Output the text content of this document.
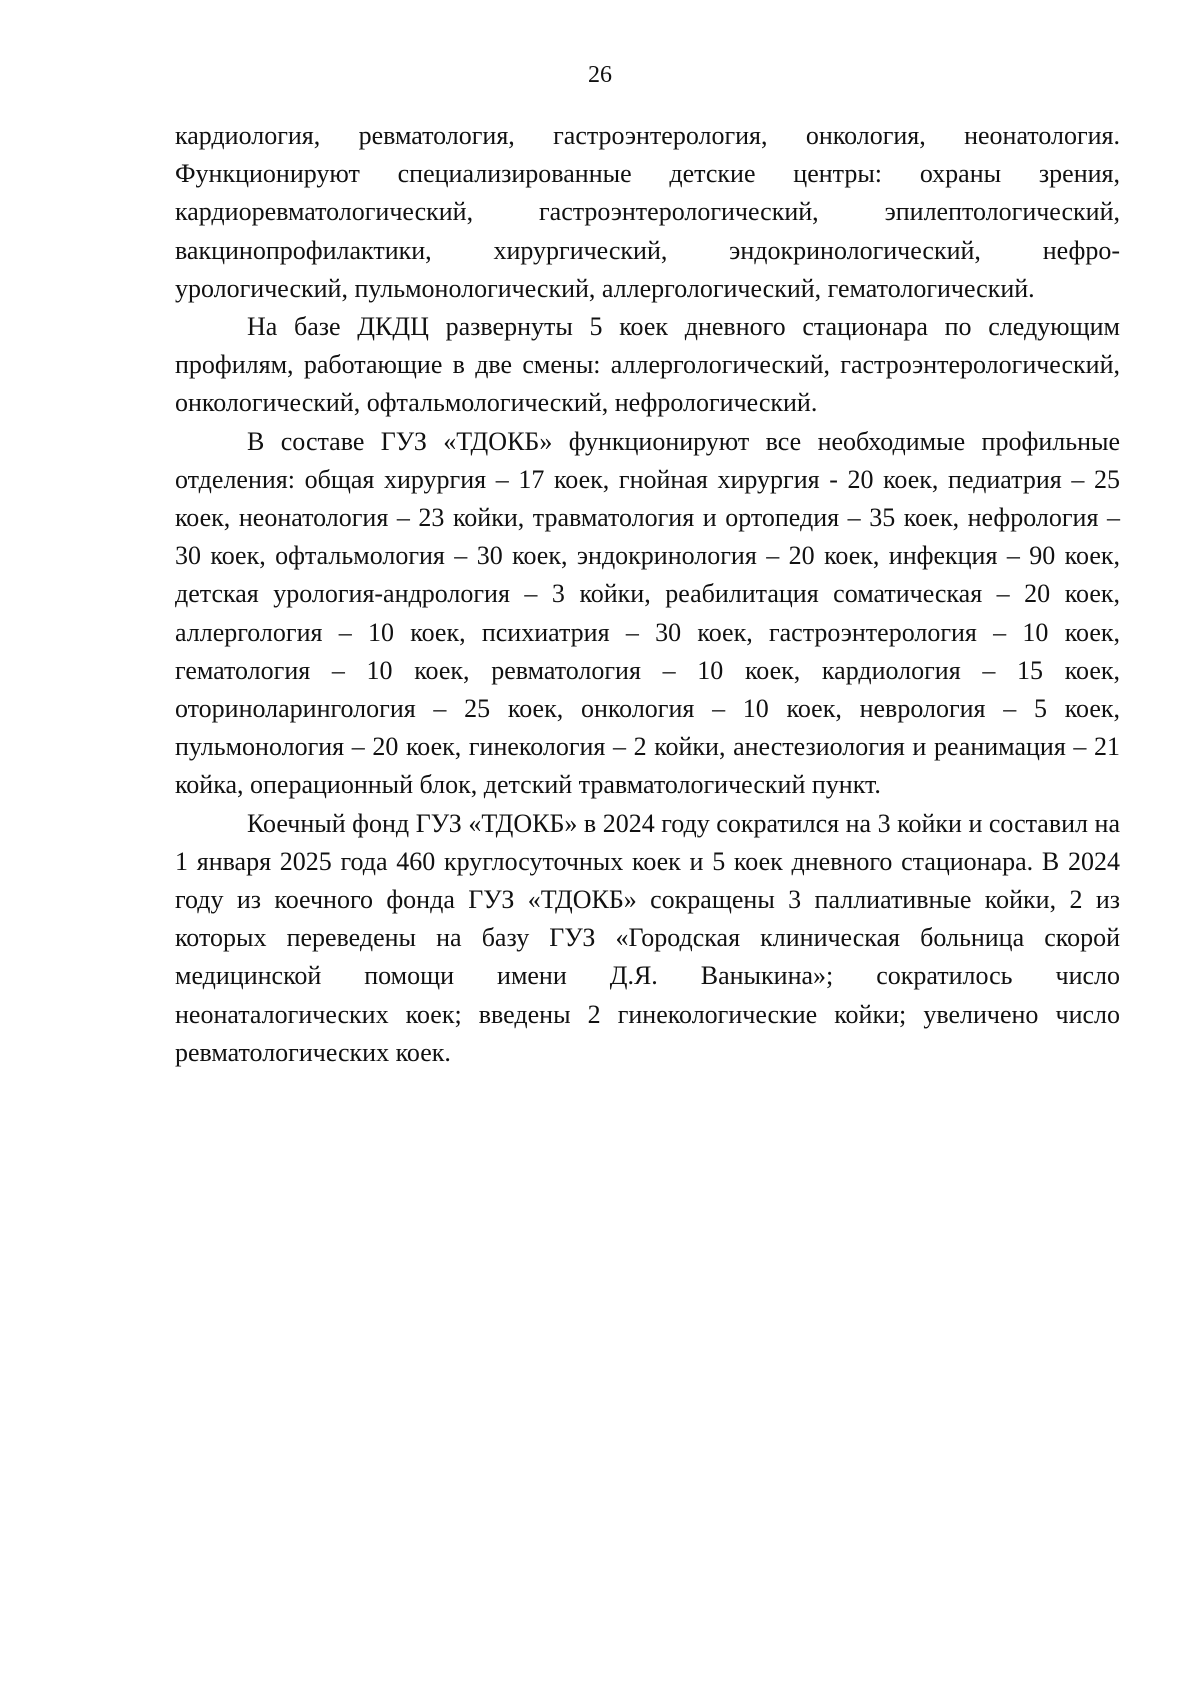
26

кардиология, ревматология, гастроэнтерология, онкология, неонатология. Функционируют специализированные детские центры: охраны зрения, кардиоревматологический, гастроэнтерологический, эпилептологический, вакцинопрофилактики, хирургический, эндокринологический, нефро-урологический, пульмонологический, аллергологический, гематологический.

На базе ДКДЦ развернуты 5 коек дневного стационара по следующим профилям, работающие в две смены: аллергологический, гастроэнтерологический, онкологический, офтальмологический, нефрологический.

В составе ГУЗ «ТДОКБ» функционируют все необходимые профильные отделения: общая хирургия – 17 коек, гнойная хирургия - 20 коек, педиатрия – 25 коек, неонатология – 23 койки, травматология и ортопедия – 35 коек, нефрология – 30 коек, офтальмология – 30 коек, эндокринология – 20 коек, инфекция – 90 коек, детская урология-андрология – 3 койки, реабилитация соматическая – 20 коек, аллергология – 10 коек, психиатрия – 30 коек, гастроэнтерология – 10 коек, гематология – 10 коек, ревматология – 10 коек, кардиология – 15 коек, оториноларингология – 25 коек, онкология – 10 коек, неврология – 5 коек, пульмонология – 20 коек, гинекология – 2 койки, анестезиология и реанимация – 21 койка, операционный блок, детский травматологический пункт.

Коечный фонд ГУЗ «ТДОКБ» в 2024 году сократился на 3 койки и составил на 1 января 2025 года 460 круглосуточных коек и 5 коек дневного стационара. В 2024 году из коечного фонда ГУЗ «ТДОКБ» сокращены 3 паллиативные койки, 2 из которых переведены на базу ГУЗ «Городская клиническая больница скорой медицинской помощи имени Д.Я. Ваныкина»; сократилось число неонаталогических коек; введены 2 гинекологические койки; увеличено число ревматологических коек.
